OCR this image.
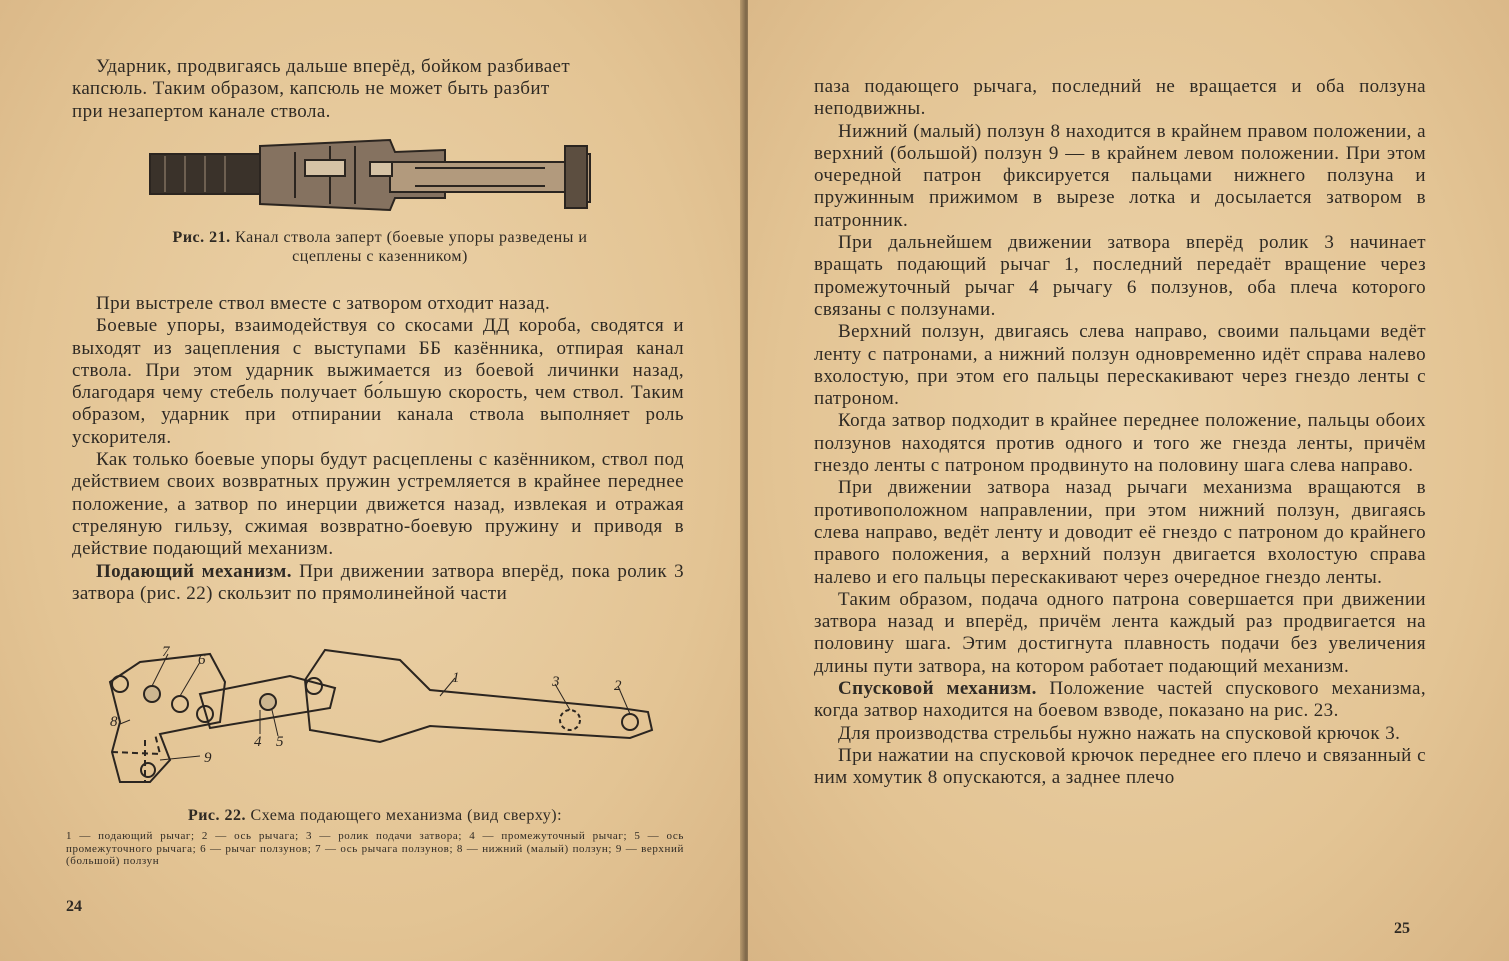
Ударник, продвигаясь дальше вперёд, бойком разбивает

капсюль. Таким образом, капсюль не может быть разбит

при незапертом канале ствола.

Рис. 21. Канал ствола заперт (боевые упоры разведены и сцеплены с казенником)

При выстреле ствол вместе с затвором отходит назад.

Боевые упоры, взаимодействуя со скосами ДД короба, сводятся и выходят из зацепления с выступами ББ казённика, отпирая канал ствола. При этом ударник выжимается из боевой личинки назад, благодаря чему стебель получает бо́льшую скорость, чем ствол. Таким образом, ударник при отпирании канала ствола выполняет роль ускорителя.

Как только боевые упоры будут расцеплены с казёнником, ствол под действием своих возвратных пружин устремляется в крайнее переднее положение, а затвор по инерции движется назад, извлекая и отражая стреляную гильзу, сжимая возвратно-боевую пружину и приводя в действие подающий механизм.

Подающий механизм. При движении затвора вперёд, пока ролик 3 затвора (рис. 22) скользит по прямолинейной части

7 6
1	3	2
8
9
4 5
Рис. 22. Схема подающего механизма (вид сверху):
1 — подающий рычаг; 2 — ось рычага; 3 — ролик подачи затвора; 4 — промежуточный рычаг; 5 — ось промежуточного рычага; 6 — рычаг ползунов; 7 — ось рычага ползунов; 8 — нижний (малый) ползун; 9 — верхний (большой) ползун
24

паза подающего рычага, последний не вращается и оба ползуна неподвижны.

Нижний (малый) ползун 8 находится в крайнем правом положении, а верхний (большой) ползун 9 — в крайнем левом положении. При этом очередной патрон фиксируется пальцами нижнего ползуна и пружинным прижимом в вырезе лотка и досылается затвором в патронник.

При дальнейшем движении затвора вперёд ролик 3 начинает вращать подающий рычаг 1, последний передаёт вращение через промежуточный рычаг 4 рычагу 6 ползунов, оба плеча которого связаны с ползунами.

Верхний ползун, двигаясь слева направо, своими пальцами ведёт ленту с патронами, а нижний ползун одновременно идёт справа налево вхолостую, при этом его пальцы перескакивают через гнездо ленты с патроном.

Когда затвор подходит в крайнее переднее положение, пальцы обоих ползунов находятся против одного и того же гнезда ленты, причём гнездо ленты с патроном продвинуто на половину шага слева направо.

При движении затвора назад рычаги механизма вращаются в противоположном направлении, при этом нижний ползун, двигаясь слева направо, ведёт ленту и доводит её гнездо с патроном до крайнего правого положения, а верхний ползун двигается вхолостую справа налево и его пальцы перескакивают через очередное гнездо ленты.

Таким образом, подача одного патрона совершается при движении затвора назад и вперёд, причём лента каждый раз продвигается на половину шага. Этим достигнута плавность подачи без увеличения длины пути затвора, на котором работает подающий механизм.

Спусковой механизм. Положение частей спускового механизма, когда затвор находится на боевом взводе, показано на рис. 23.

Для производства стрельбы нужно нажать на спусковой крючок 3.

При нажатии на спусковой крючок переднее его плечо и связанный с ним хомутик 8 опускаются, а заднее плечо

25
